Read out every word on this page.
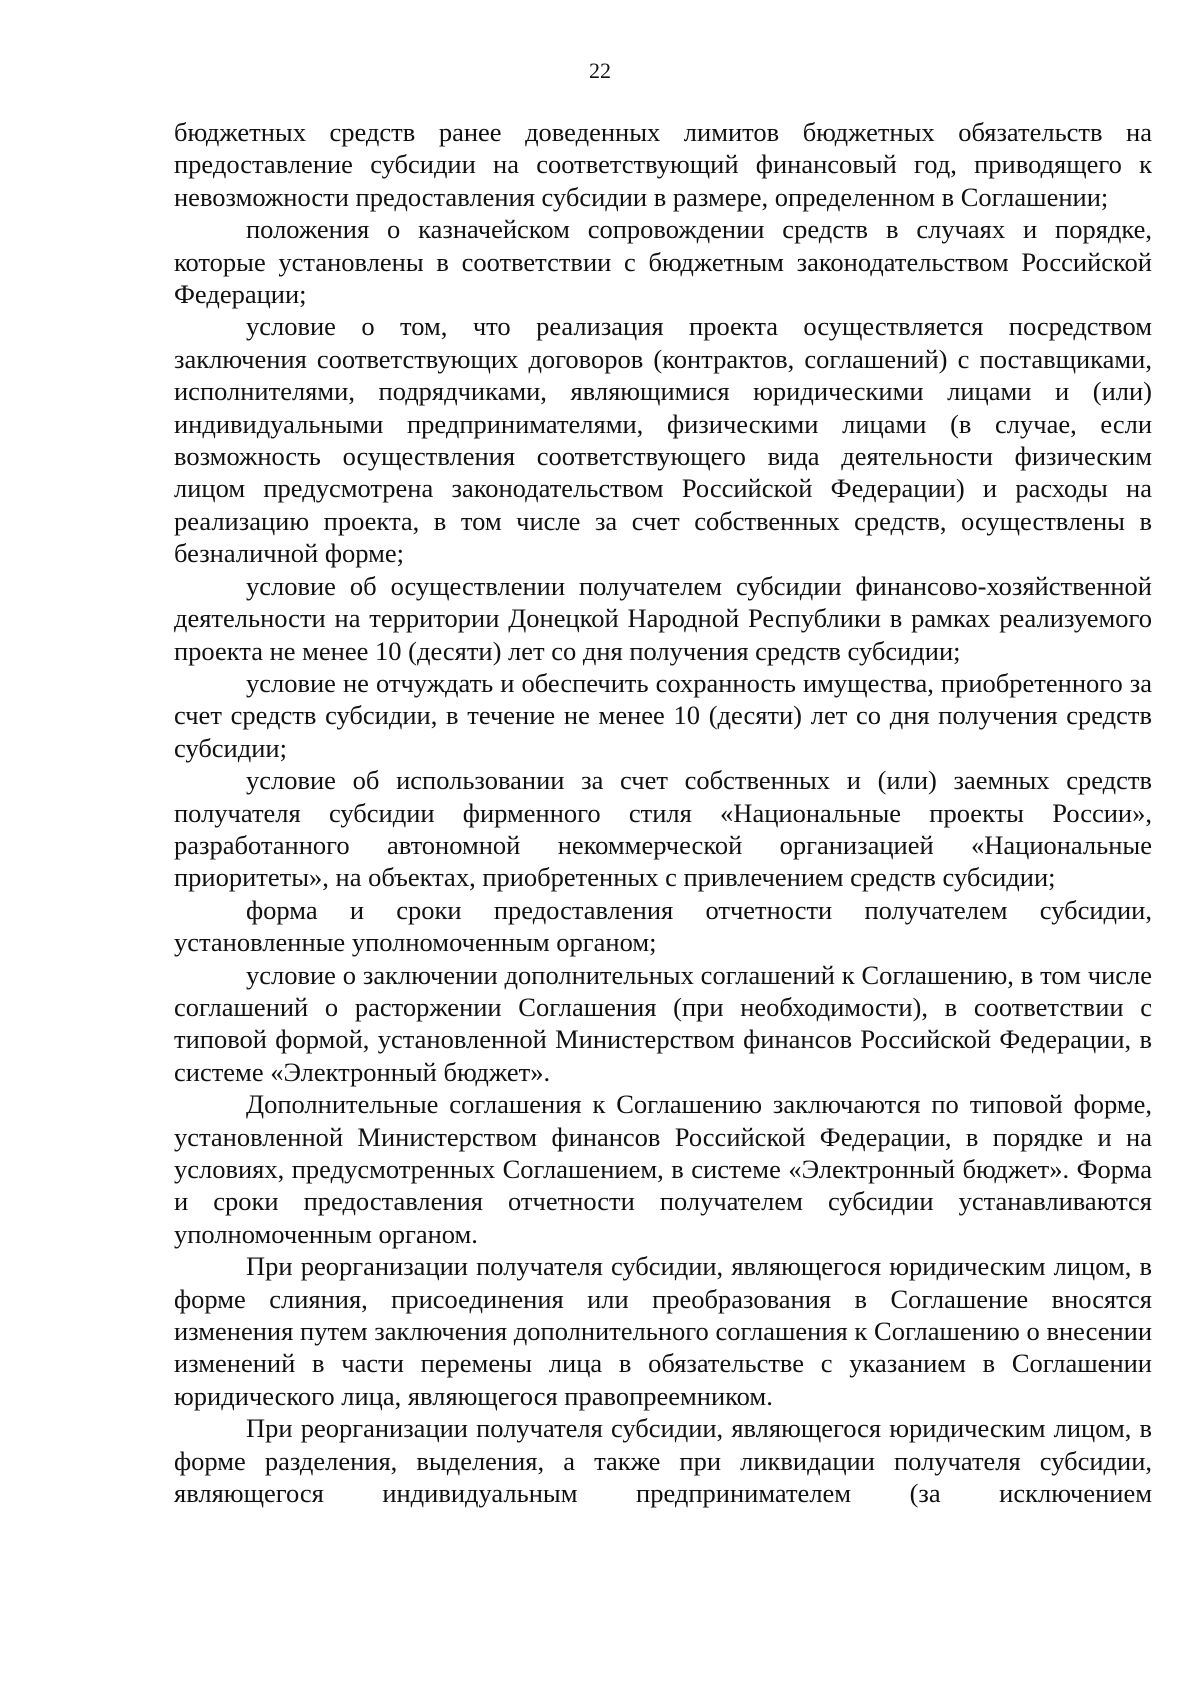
22

бюджетных средств ранее доведенных лимитов бюджетных обязательств на предоставление субсидии на соответствующий финансовый год, приводящего к невозможности предоставления субсидии в размере, определенном в Соглашении;

положения о казначейском сопровождении средств в случаях и порядке, которые установлены в соответствии с бюджетным законодательством Российской Федерации;

условие о том, что реализация проекта осуществляется посредством заключения соответствующих договоров (контрактов, соглашений) с поставщиками, исполнителями, подрядчиками, являющимися юридическими лицами и (или) индивидуальными предпринимателями, физическими лицами (в случае, если возможность осуществления соответствующего вида деятельности физическим лицом предусмотрена законодательством Российской Федерации) и расходы на реализацию проекта, в том числе за счет собственных средств, осуществлены в безналичной форме;

условие об осуществлении получателем субсидии финансово-хозяйственной деятельности на территории Донецкой Народной Республики в рамках реализуемого проекта не менее 10 (десяти) лет со дня получения средств субсидии;

условие не отчуждать и обеспечить сохранность имущества, приобретенного за счет средств субсидии, в течение не менее 10 (десяти) лет со дня получения средств субсидии;

условие об использовании за счет собственных и (или) заемных средств получателя субсидии фирменного стиля «Национальные проекты России», разработанного автономной некоммерческой организацией «Национальные приоритеты», на объектах, приобретенных с привлечением средств субсидии;

форма и сроки предоставления отчетности получателем субсидии, установленные уполномоченным органом;

условие о заключении дополнительных соглашений к Соглашению, в том числе соглашений о расторжении Соглашения (при необходимости), в соответствии с типовой формой, установленной Министерством финансов Российской Федерации, в системе «Электронный бюджет».

Дополнительные соглашения к Соглашению заключаются по типовой форме, установленной Министерством финансов Российской Федерации, в порядке и на условиях, предусмотренных Соглашением, в системе «Электронный бюджет». Форма и сроки предоставления отчетности получателем субсидии устанавливаются уполномоченным органом.

При реорганизации получателя субсидии, являющегося юридическим лицом, в форме слияния, присоединения или преобразования в Соглашение вносятся изменения путем заключения дополнительного соглашения к Соглашению о внесении изменений в части перемены лица в обязательстве с указанием в Соглашении юридического лица, являющегося правопреемником.

При реорганизации получателя субсидии, являющегося юридическим лицом, в форме разделения, выделения, а также при ликвидации получателя субсидии, являющегося индивидуальным предпринимателем (за исключением
